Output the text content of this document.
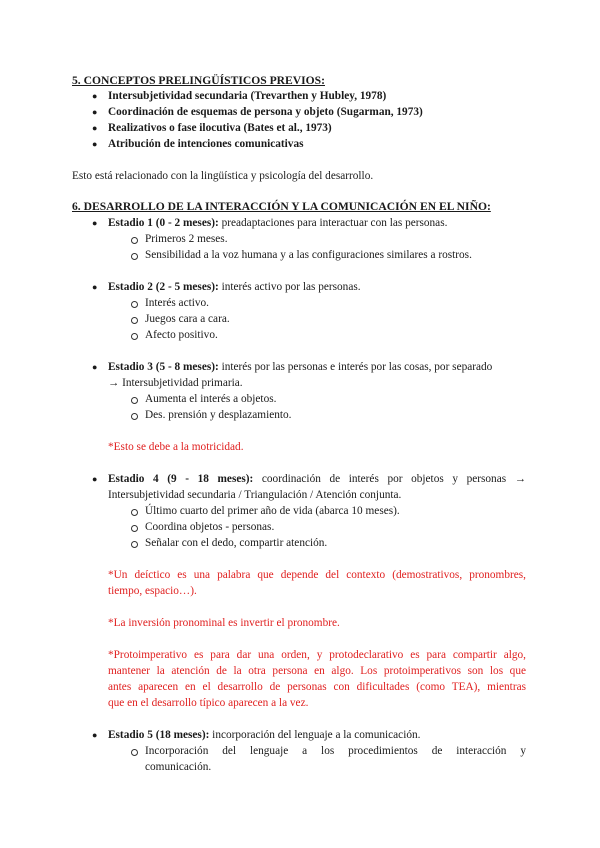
5. CONCEPTOS PRELINGÜÍSTICOS PREVIOS:
● Intersubjetividad secundaria (Trevarthen y Hubley, 1978)
● Coordinación de esquemas de persona y objeto (Sugarman, 1973)
● Realizativos o fase ilocutiva (Bates et al., 1973)
● Atribución de intenciones comunicativas
Esto está relacionado con la lingüística y psicología del desarrollo.
6. DESARROLLO DE LA INTERACCIÓN Y LA COMUNICACIÓN EN EL NIÑO:
● Estadio 1 (0 - 2 meses): preadaptaciones para interactuar con las personas.
Primeros 2 meses.
Sensibilidad a la voz humana y a las configuraciones similares a rostros.
● Estadio 2 (2 - 5 meses): interés activo por las personas.
Interés activo.
Juegos cara a cara.
Afecto positivo.
● Estadio 3 (5 - 8 meses): interés por las personas e interés por las cosas, por separado
→ Intersubjetividad primaria.
Aumenta el interés a objetos.
Des. prensión y desplazamiento.
*Esto se debe a la motricidad.
● Estadio 4 (9 - 18 meses): coordinación de interés por objetos y personas →
Intersubjetividad secundaria / Triangulación / Atención conjunta.
Último cuarto del primer año de vida (abarca 10 meses).
Coordina objetos - personas.
Señalar con el dedo, compartir atención.
*Un deíctico es una palabra que depende del contexto (demostrativos, pronombres,
tiempo, espacio…).
*La inversión pronominal es invertir el pronombre.
*Protoimperativo es para dar una orden, y protodeclarativo es para compartir algo,
mantener la atención de la otra persona en algo. Los protoimperativos son los que
antes aparecen en el desarrollo de personas con dificultades (como TEA), mientras
que en el desarrollo típico aparecen a la vez.
● Estadio 5 (18 meses): incorporación del lenguaje a la comunicación.
Incorporación del lenguaje a los procedimientos de interacción y
comunicación.
